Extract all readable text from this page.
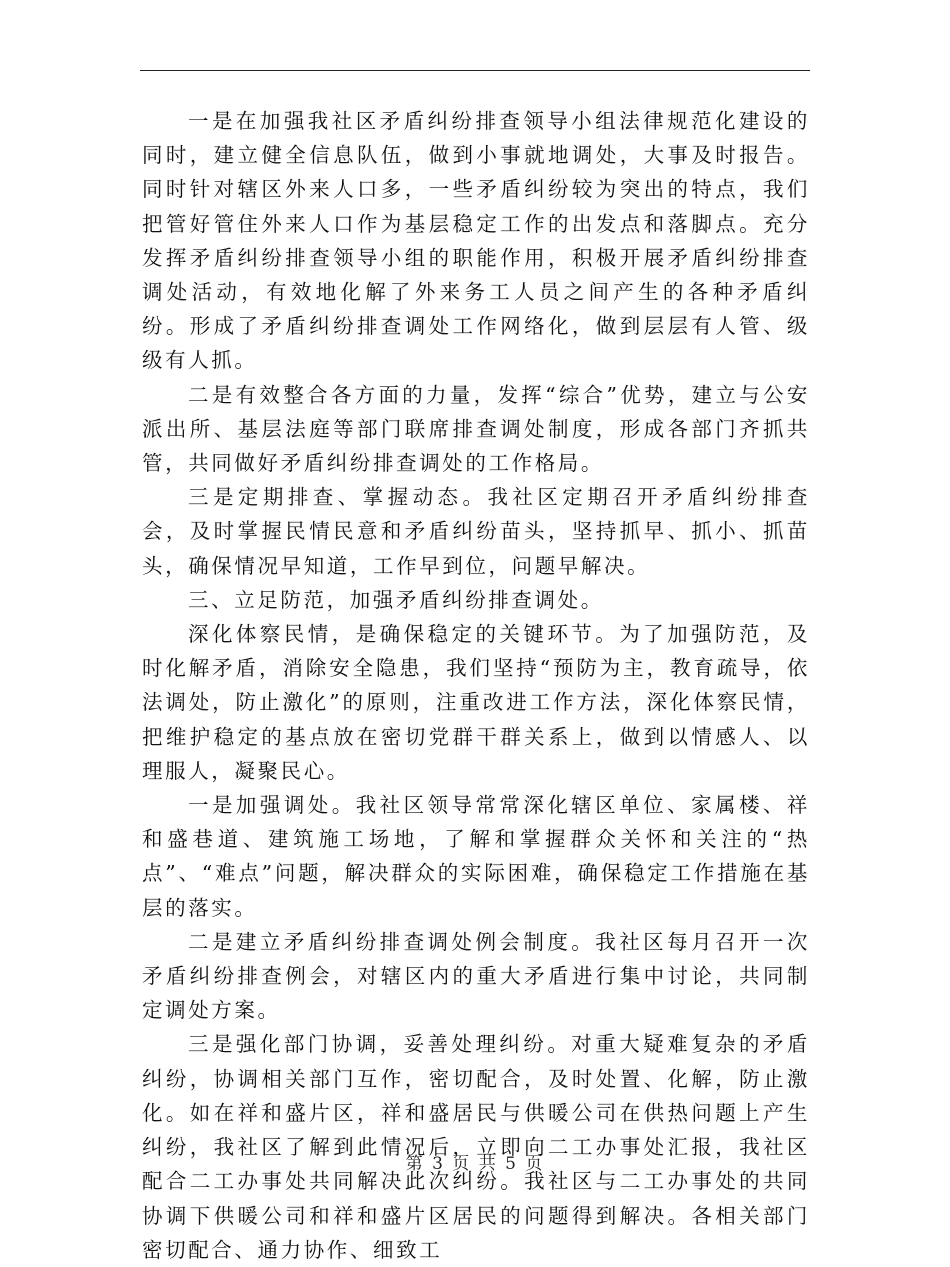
一是在加强我社区矛盾纠纷排查领导小组法律规范化建设的同时，建立健全信息队伍，做到小事就地调处，大事及时报告。同时针对辖区外来人口多，一些矛盾纠纷较为突出的特点，我们把管好管住外来人口作为基层稳定工作的出发点和落脚点。充分发挥矛盾纠纷排查领导小组的职能作用，积极开展矛盾纠纷排查调处活动，有效地化解了外来务工人员之间产生的各种矛盾纠纷。形成了矛盾纠纷排查调处工作网络化，做到层层有人管、级级有人抓。

二是有效整合各方面的力量，发挥“综合”优势，建立与公安派出所、基层法庭等部门联席排查调处制度，形成各部门齐抓共管，共同做好矛盾纠纷排查调处的工作格局。

三是定期排查、掌握动态。我社区定期召开矛盾纠纷排查会，及时掌握民情民意和矛盾纠纷苗头，坚持抓早、抓小、抓苗头，确保情况早知道，工作早到位，问题早解决。

三、立足防范，加强矛盾纠纷排查调处。

深化体察民情，是确保稳定的关键环节。为了加强防范，及时化解矛盾，消除安全隐患，我们坚持“预防为主，教育疏导，依法调处，防止激化”的原则，注重改进工作方法，深化体察民情，把维护稳定的基点放在密切党群干群关系上，做到以情感人、以理服人，凝聚民心。

一是加强调处。我社区领导常常深化辖区单位、家属楼、祥和盛巷道、建筑施工场地，了解和掌握群众关怀和关注的“热点”、“难点”问题，解决群众的实际困难，确保稳定工作措施在基层的落实。

二是建立矛盾纠纷排查调处例会制度。我社区每月召开一次矛盾纠纷排查例会，对辖区内的重大矛盾进行集中讨论，共同制定调处方案。

三是强化部门协调，妥善处理纠纷。对重大疑难复杂的矛盾纠纷，协调相关部门互作，密切配合，及时处置、化解，防止激化。如在祥和盛片区，祥和盛居民与供暖公司在供热问题上产生纠纷，我社区了解到此情况后，立即向二工办事处汇报，我社区配合二工办事处共同解决此次纠纷。我社区与二工办事处的共同协调下供暖公司和祥和盛片区居民的问题得到解决。各相关部门密切配合、通力协作、细致工

第 3 页 共 5 页
